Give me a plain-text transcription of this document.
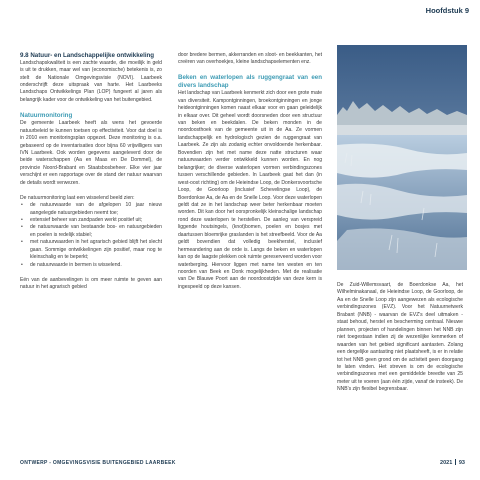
Hoofdstuk 9
9.8 Natuur- en Landschappelijke ontwikkeling

Landschapskwaliteit is een zachte waarde, die moeilijk in geld is uit te drukken, maar wel van (economische) betekenis is, zo stelt de Nationale Omgevingsvisie (NOVI). Laarbeek onderschrijft deze uitspraak van harte. Het Laarbeeks Landschaps Ontwikkelings Plan (LOP) fungeert al jaren als belangrijk kader voor de ontwikkeling van het buitengebied.

Natuurmonitoring

De gemeente Laarbeek heeft als wens het gevoerde natuurbeleid te kunnen toetsen op effectiviteit. Voor dat doel is in 2010 een monitoringsplan opgezet. Deze monitoring is o.a. gebaseerd op de inventarisaties door bijna 60 vrijwilligers van IVN Laarbeek. Ook worden gegevens aangeleverd door de beide waterschappen (Aa en Maas en De Dommel), de provincie Noord-Brabant en Staatsbosbeheer. Elke vier jaar verschijnt er een rapportage over de stand der natuur waarvan de details wordt verwezen.

De natuurmonitoring laat een wisselend beeld zien:

• de natuurwaarde van de afgelopen 10 jaar nieuw aangelegde natuurgebieden neemt toe;
• extensief beheer van zandpaden werkt positief uit;
• de natuurwaarde van bestaande bos- en natuurgebieden en poelen is redelijk stabiel;
• met natuurwaarden in het agrarisch gebied blijft het slecht gaan. Sommige ontwikkelingen zijn positief, maar nog te kleinschalig en te beperkt;
• de natuurwaarde in bermen is wisselend.

Eén van de aanbevelingen is om meer ruimte te geven aan natuur in het agrarisch gebied

door bredere bermen, akkerranden en sloot- en beekkanten, het creëren van overhoekjes, kleine landschapselementen enz.

Beken en waterlopen als ruggengraat van een divers landschap

Het landschap van Laarbeek kenmerkt zich door een grote mate van diversiteit. Kampontginningen, broekontginningen en jonge heideontginningen komen naast elkaar voor en gaan geleidelijk in elkaar over. Dit geheel wordt doorsneden door een structuur van beken en beekdalen. De beken monden in de noordoosthoek van de gemeente uit in de Aa. Ze vormen landschappelijk en hydrologisch gezien de ruggengraat van Laarbeek. Ze zijn als zodanig echter onvoldoende herkenbaar. Bovendien zijn het met name deze natte structuren waar natuurwaarden verder ontwikkeld kunnen worden. En nog belangrijker; de diverse waterlopen vormen verbindingszones tussen verschillende gebieden. In Laarbeek gaat het dan (in west-oost richting) om de Heieindse Loop, de Donkersvoortsche Loop, de Goorloop (inclusief Schevelingse Loop), de Boerdonkse Aa, de Aa en de Snelle Loop. Voor deze waterlopen geldt dat ze in het landschap weer beter herkenbaar moeten worden. Dit kan door het oorspronkelijk kleinschalige landschap rond deze waterlopen te herstellen. De aanleg van verspreid liggende houtsingels, (knot)bomen, poelen en bosjes met daartussen bloemrijke graslanden is het streefbeeld. Voor de Aa geldt bovendien dat volledig beekherstel, inclusief hermeandering aan de orde is. Langs de beken en waterlopen kan op de laagste plekken ook ruimte gereserveerd worden voor waterberging. Hiervoor liggen met name ten westen en ten noorden van Beek en Donk mogelijkheden. Met de realisatie van De Blauwe Poort aan de noordoostzijde van deze kern is ingespeeld op deze kansen.	De Zuid-Willemsvaart, de Boerdonkse Aa, het Wilhelminakanaal, de Heieindse Loop, de Goorloop, de Aa en de Snelle Loop zijn aangewezen als ecologische verbindingszones (EVZ). Voor het Natuurnetwerk Brabant (NNB) - waarvan de EVZ's deel uitmaken - staat behoud, herstel en bescherming centraal. Nieuwe plannen, projecten of handelingen binnen het NNB zijn niet toegestaan indien zij de wezenlijke kenmerken of waarden van het gebied significant aantasten. Zolang een dergelijke aantasting niet plaatsheeft, is er in relatie tot het NNB geen grond om de activiteit geen doorgang te laten vinden. Het streven is om de ecologische verbindingszones met een gemiddelde breedte van 25 meter uit te voeren (aan één zijde, vanaf de insteek). De NNB's zijn flexibel begrensbaar.

ONTWERP - OMGEVINGSVISIE BUITENGEBIED LAARBEEK	2021 93
